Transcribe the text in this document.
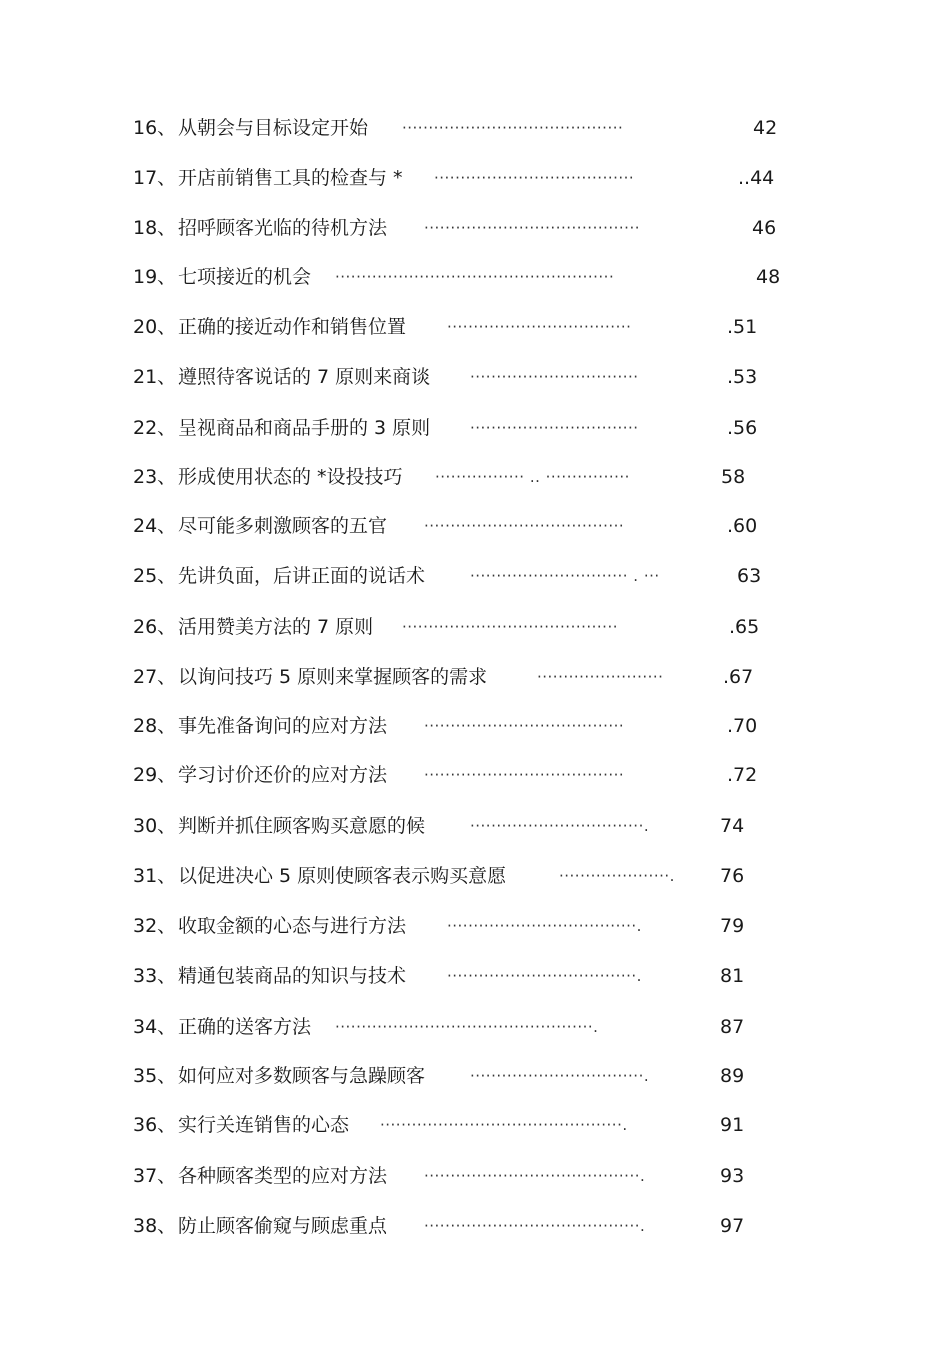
16、 从朝会与目标设定开始 ··········································	42
17、 开店前销售工具的检查与 * ······································	..44
18、 招呼顾客光临的待机方法 ·········································	46
19、 七项接近的机会 ·····················································	48
20、 正确的接近动作和销售位置	···································	.51
21、 遵照待客说话的 7 原则来商谈	································	.53
22、 呈视商品和商品手册的 3 原则	································	.56
23、 形成使用状态的 *设投技巧 ················· .. ················	58
24、 尽可能多刺激顾客的五官 ······································	.60
25、 先讲负面，后讲正面的说话术	······························ . ···	63
26、 活用赞美方法的 7 原则 ·········································	.65
27、 以询问技巧 5 原则来掌握顾客的需求	························	.67
28、 事先准备询问的应对方法 ······································	.70
29、 学习讨价还价的应对方法 ······································	.72
30、 判断并抓住顾客购买意愿的候	·································.	74
31、 以促进决心 5 原则使顾客表示购买意愿	·····················.	76
32、 收取金额的心态与进行方法	····································.	79
33、 精通包装商品的知识与技术	····································.	81
34、 正确的送客方法 ·················································.	87
35、 如何应对多数顾客与急躁顾客	·································.	89
36、 实行关连销售的心态 ··············································.	91
37、 各种顾客类型的应对方法 ·········································.	93
38、 防止顾客偷窥与顾虑重点 ·········································.	97
